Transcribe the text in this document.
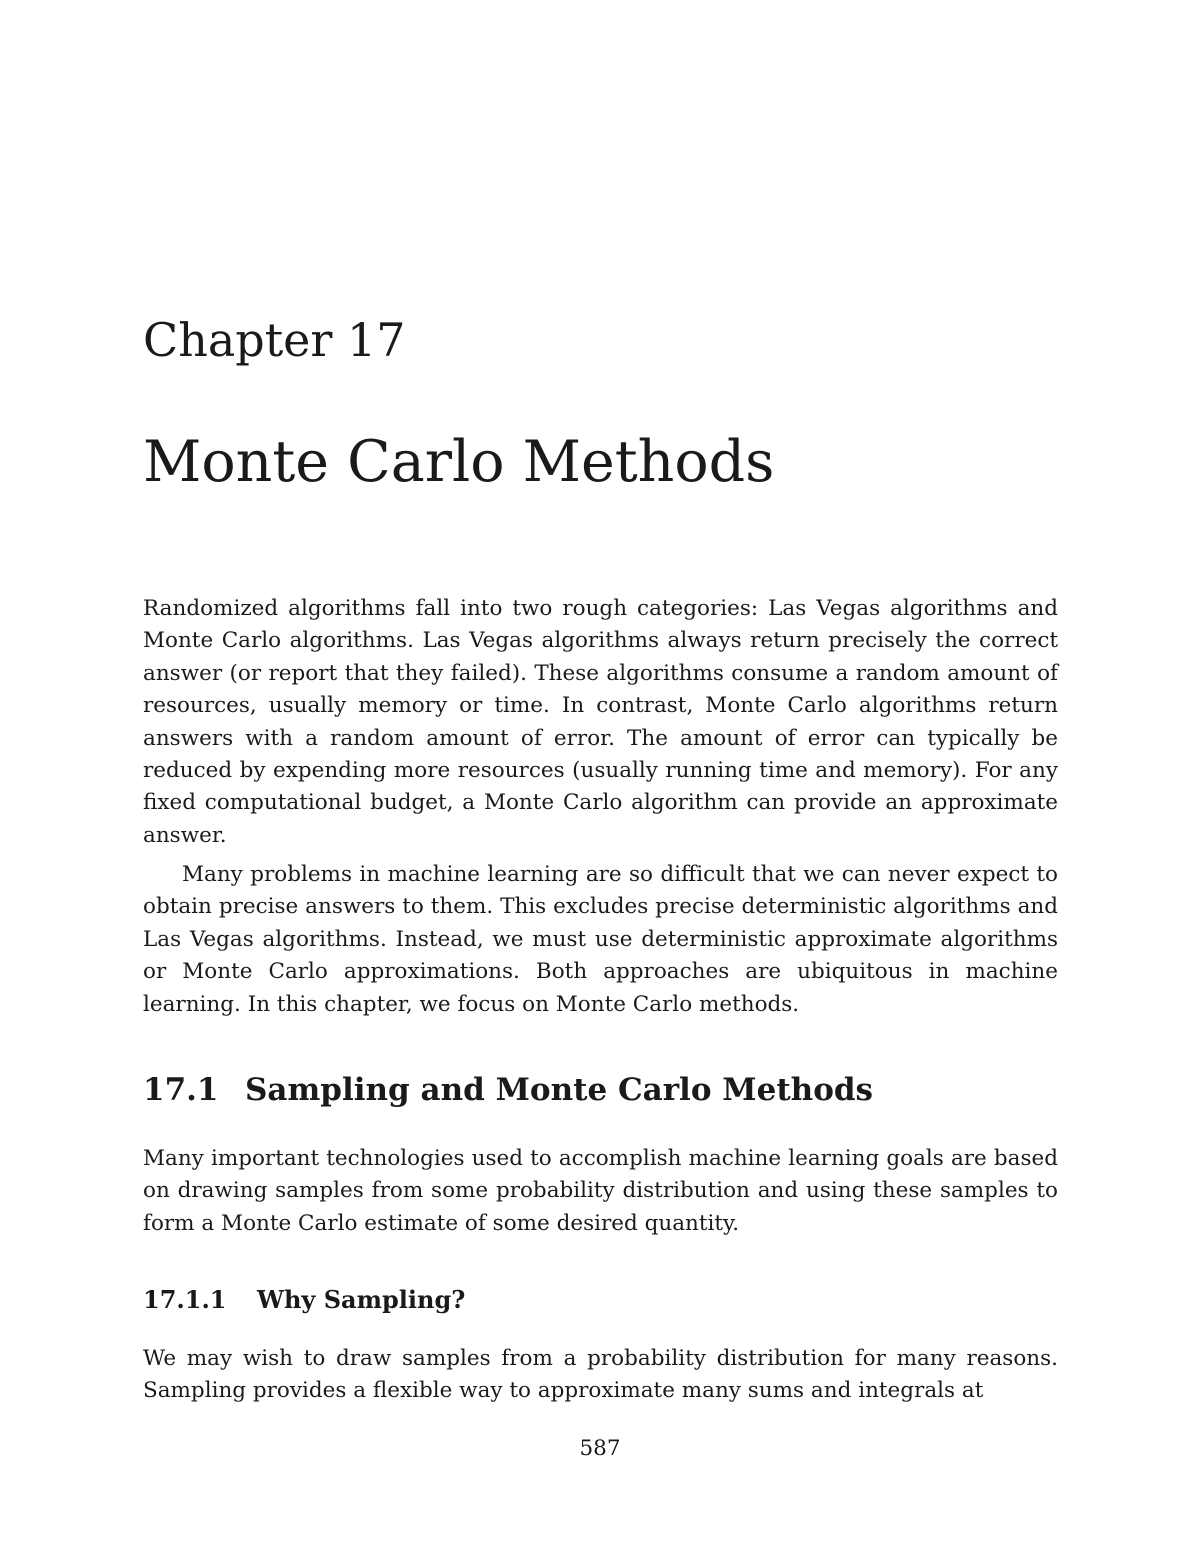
Chapter 17
Monte Carlo Methods

Randomized algorithms fall into two rough categories: Las Vegas algorithms and Monte Carlo algorithms. Las Vegas algorithms always return precisely the correct answer (or report that they failed). These algorithms consume a random amount of resources, usually memory or time. In contrast, Monte Carlo algorithms return answers with a random amount of error. The amount of error can typically be reduced by expending more resources (usually running time and memory). For any fixed computational budget, a Monte Carlo algorithm can provide an approximate answer.

Many problems in machine learning are so difficult that we can never expect to obtain precise answers to them. This excludes precise deterministic algorithms and Las Vegas algorithms. Instead, we must use deterministic approximate algorithms or Monte Carlo approximations. Both approaches are ubiquitous in machine learning. In this chapter, we focus on Monte Carlo methods.

17.1 Sampling and Monte Carlo Methods

Many important technologies used to accomplish machine learning goals are based on drawing samples from some probability distribution and using these samples to form a Monte Carlo estimate of some desired quantity.

17.1.1 Why Sampling?

We may wish to draw samples from a probability distribution for many reasons. Sampling provides a flexible way to approximate many sums and integrals at

587
